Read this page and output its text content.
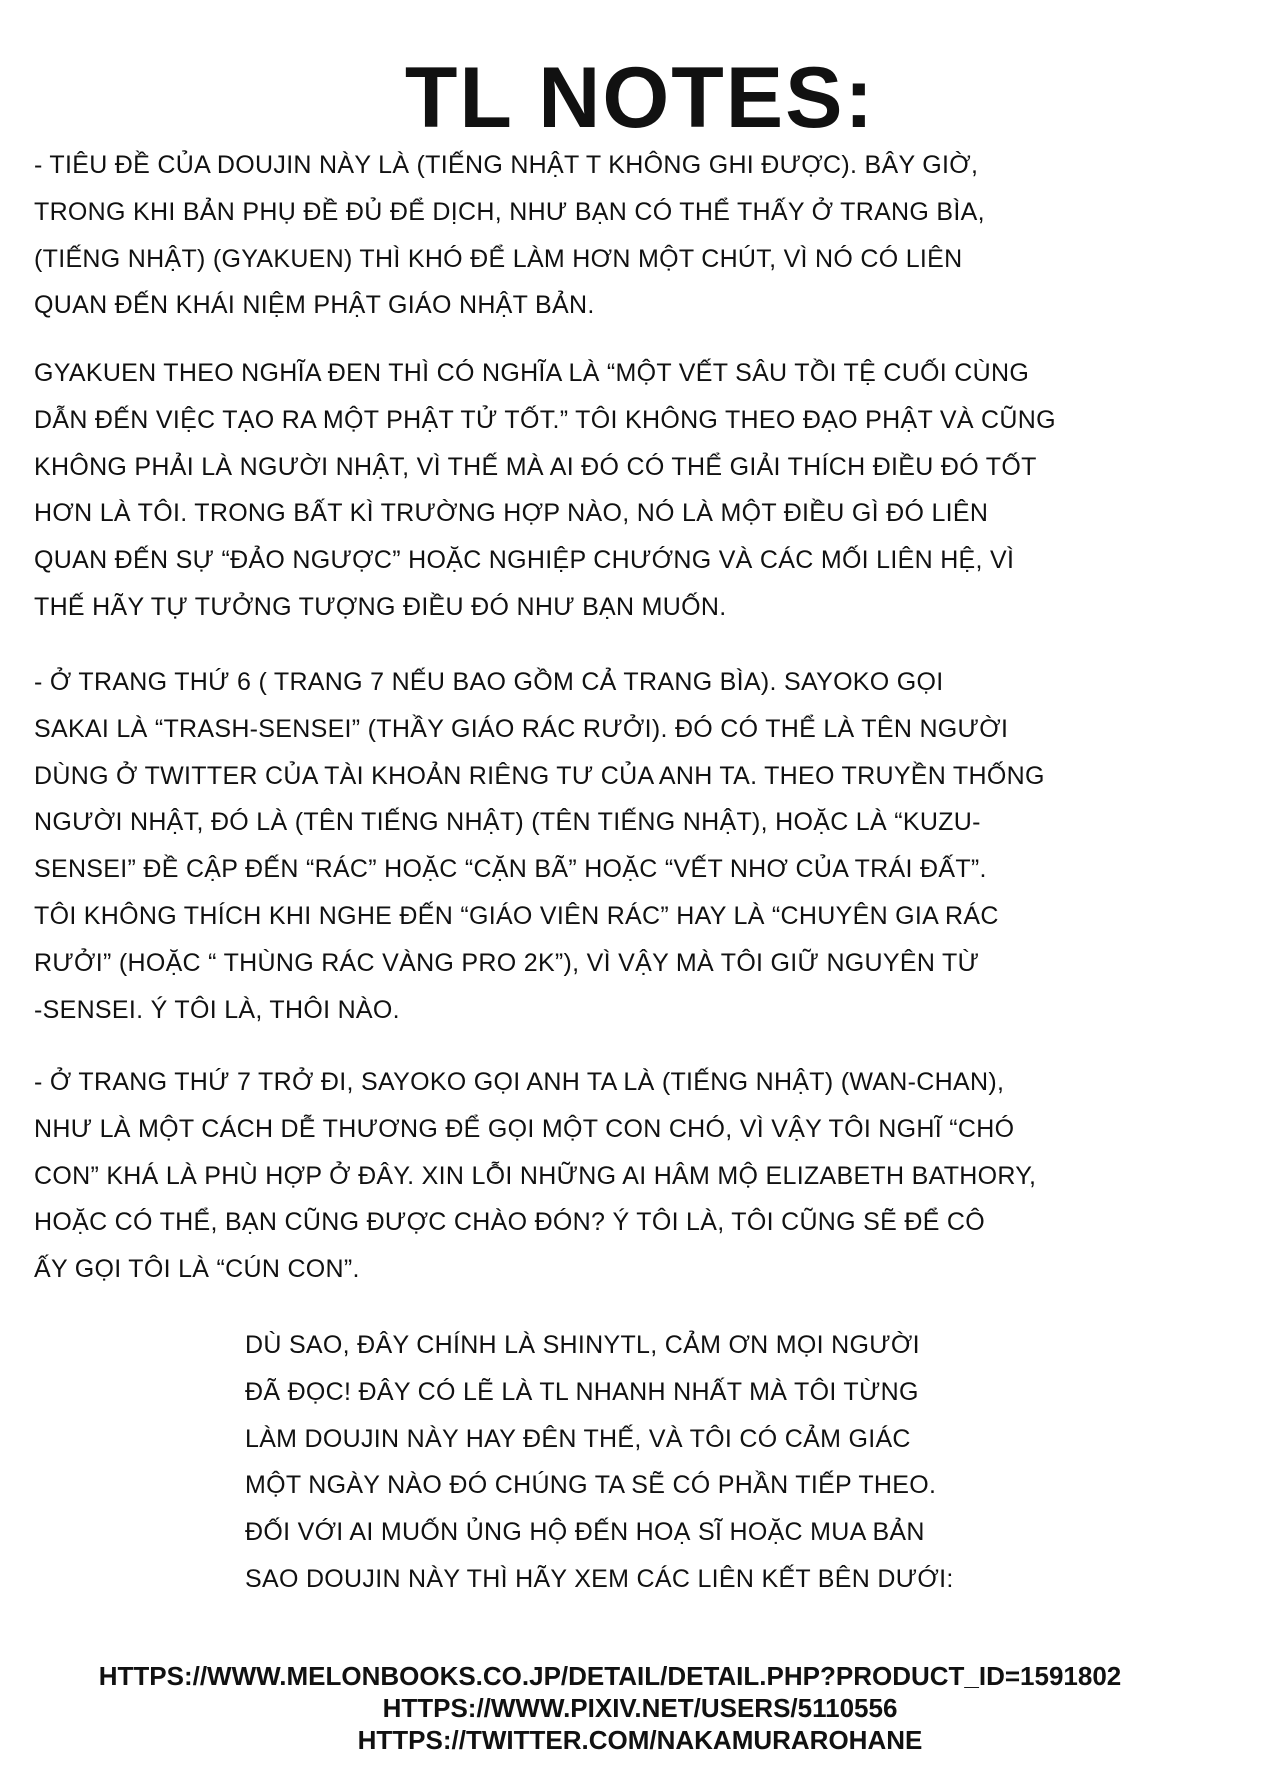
TL NOTES:
- TIÊU ĐỀ CỦA DOUJIN NÀY LÀ (TIẾNG NHẬT T KHÔNG GHI ĐƯỢC). BÂY GIỜ,
TRONG KHI BẢN PHỤ ĐỀ ĐỦ ĐỂ DỊCH, NHƯ BẠN CÓ THỂ THẤY Ở TRANG BÌA,
(TIẾNG NHẬT) (GYAKUEN) THÌ KHÓ ĐỂ LÀM HƠN MỘT CHÚT, VÌ NÓ CÓ LIÊN
QUAN ĐẾN KHÁI NIỆM PHẬT GIÁO NHẬT BẢN.
GYAKUEN THEO NGHĨA ĐEN THÌ CÓ NGHĨA LÀ “MỘT VẾT SÂU TỒI TỆ CUỐI CÙNG
DẪN ĐẾN VIỆC TẠO RA MỘT PHẬT TỬ TỐT.” TÔI KHÔNG THEO ĐẠO PHẬT VÀ CŨNG
KHÔNG PHẢI LÀ NGƯỜI NHẬT, VÌ THẾ MÀ AI ĐÓ CÓ THỂ GIẢI THÍCH ĐIỀU ĐÓ TỐT
HƠN LÀ TÔI. TRONG BẤT KÌ TRƯỜNG HỢP NÀO, NÓ LÀ MỘT ĐIỀU GÌ ĐÓ LIÊN
QUAN ĐẾN SỰ “ĐẢO NGƯỢC” HOẶC NGHIỆP CHƯỚNG VÀ CÁC MỐI LIÊN HỆ, VÌ
THẾ HÃY TỰ TƯỞNG TƯỢNG ĐIỀU ĐÓ NHƯ BẠN MUỐN.
- Ở TRANG THỨ 6 ( TRANG 7 NẾU BAO GỒM CẢ TRANG BÌA). SAYOKO GỌI
SAKAI LÀ “TRASH-SENSEI” (THẦY GIÁO RÁC RƯỞI). ĐÓ CÓ THỂ LÀ TÊN NGƯỜI
DÙNG Ở TWITTER CỦA TÀI KHOẢN RIÊNG TƯ CỦA ANH TA. THEO TRUYỀN THỐNG
NGƯỜI NHẬT, ĐÓ LÀ (TÊN TIẾNG NHẬT) (TÊN TIẾNG NHẬT), HOẶC LÀ “KUZU-
SENSEI” ĐỀ CẬP ĐẾN “RÁC” HOẶC “CẶN BÃ” HOẶC “VẾT NHƠ CỦA TRÁI ĐẤT”.
TÔI KHÔNG THÍCH KHI NGHE ĐẾN “GIÁO VIÊN RÁC” HAY LÀ “CHUYÊN GIA RÁC
RƯỞI” (HOẶC “ THÙNG RÁC VÀNG PRO 2K”), VÌ VẬY MÀ TÔI GIỮ NGUYÊN TỪ
-SENSEI. Ý TÔI LÀ, THÔI NÀO.
- Ở TRANG THỨ 7 TRỞ ĐI, SAYOKO GỌI ANH TA LÀ (TIẾNG NHẬT) (WAN-CHAN),
NHƯ LÀ MỘT CÁCH DỄ THƯƠNG ĐỂ GỌI MỘT CON CHÓ, VÌ VẬY TÔI NGHĨ “CHÓ
CON” KHÁ LÀ PHÙ HỢP Ở ĐÂY. XIN LỖI NHỮNG AI HÂM MỘ ELIZABETH BATHORY,
HOẶC CÓ THỂ, BẠN CŨNG ĐƯỢC CHÀO ĐÓN? Ý TÔI LÀ, TÔI CŨNG SẼ ĐỂ CÔ
ẤY GỌI TÔI LÀ “CÚN CON”.
DÙ SAO, ĐÂY CHÍNH LÀ SHINYTL, CẢM ƠN MỌI NGƯỜI
ĐÃ ĐỌC! ĐÂY CÓ LẼ LÀ TL NHANH NHẤT MÀ TÔI TỪNG
LÀM DOUJIN NÀY HAY ĐÊN THẾ, VÀ TÔI CÓ CẢM GIÁC
MỘT NGÀY NÀO ĐÓ CHÚNG TA SẼ CÓ PHẦN TIẾP THEO.
ĐỐI VỚI AI MUỐN ỦNG HỘ ĐẾN HOẠ SĨ HOẶC MUA BẢN
SAO DOUJIN NÀY THÌ HÃY XEM CÁC LIÊN KẾT BÊN DƯỚI:
HTTPS://WWW.MELONBOOKS.CO.JP/DETAIL/DETAIL.PHP?PRODUCT_ID=1591802
HTTPS://WWW.PIXIV.NET/USERS/5110556
HTTPS://TWITTER.COM/NAKAMURAROHANE
